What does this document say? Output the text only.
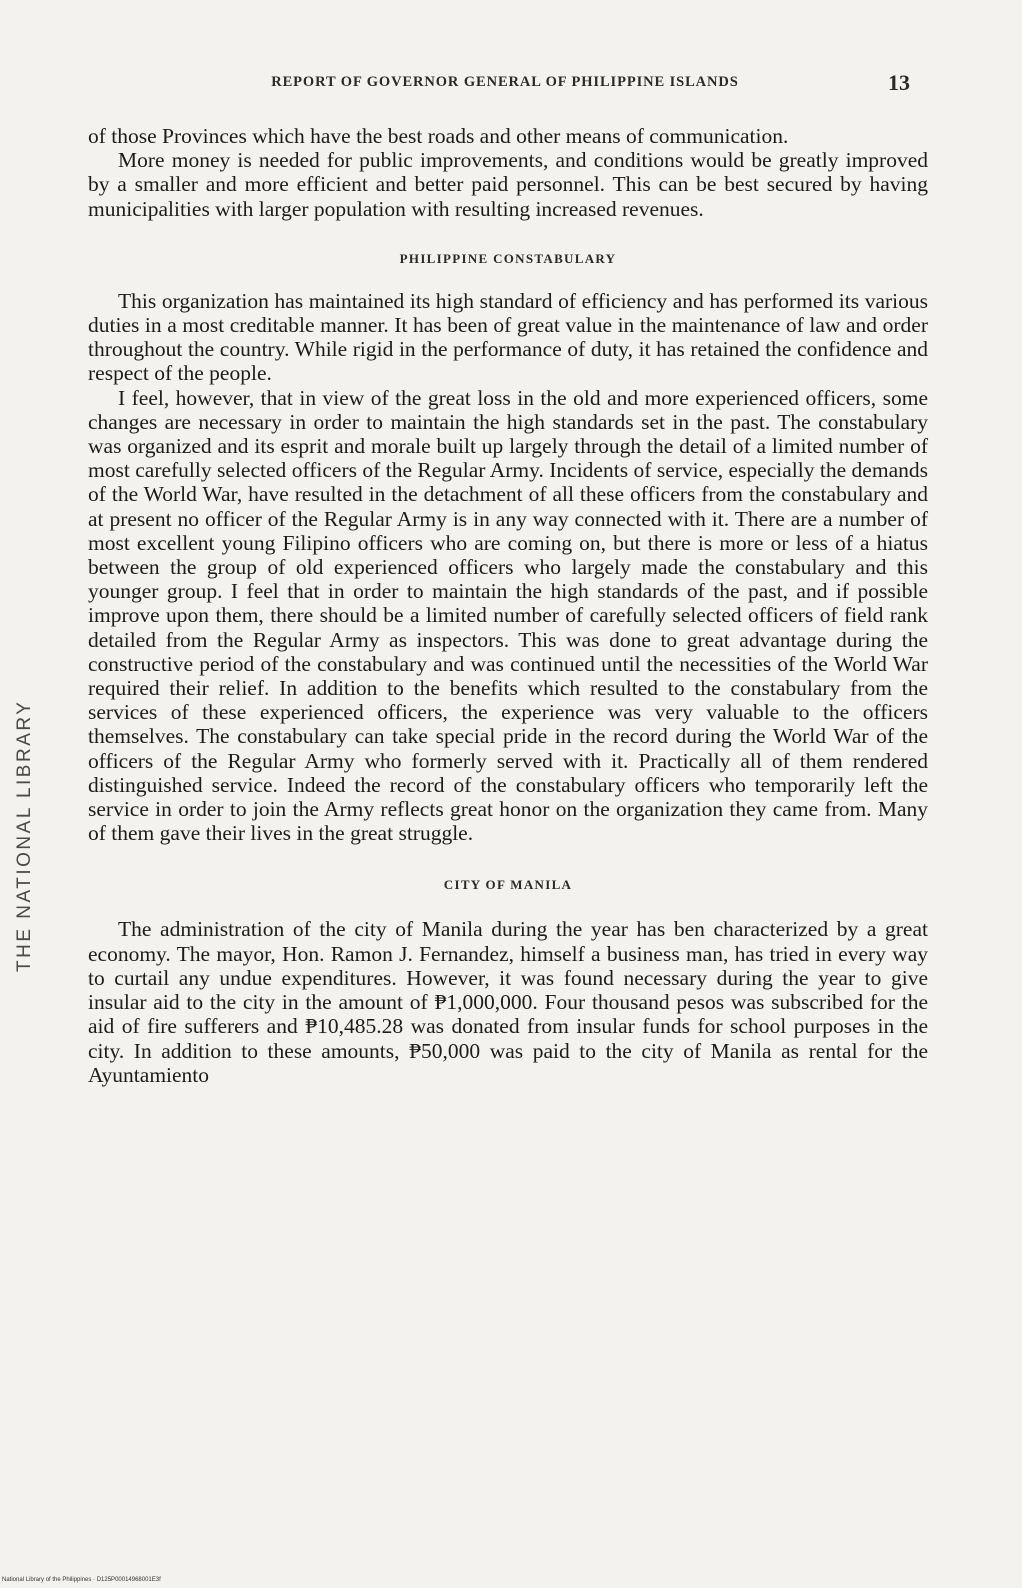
REPORT OF GOVERNOR GENERAL OF PHILIPPINE ISLANDS	13
THE NATIONAL LIBRARY

of those Provinces which have the best roads and other means of communication.

More money is needed for public improvements, and conditions would be greatly improved by a smaller and more efficient and better paid personnel. This can be best secured by having municipalities with larger population with resulting increased revenues.

PHILIPPINE CONSTABULARY

This organization has maintained its high standard of efficiency and has performed its various duties in a most creditable manner. It has been of great value in the maintenance of law and order throughout the country. While rigid in the performance of duty, it has retained the confidence and respect of the people.

I feel, however, that in view of the great loss in the old and more experienced officers, some changes are necessary in order to maintain the high standards set in the past. The constabulary was organized and its esprit and morale built up largely through the detail of a limited number of most carefully selected officers of the Regular Army. Incidents of service, especially the demands of the World War, have resulted in the detachment of all these officers from the constabulary and at present no officer of the Regular Army is in any way connected with it. There are a number of most excellent young Filipino officers who are coming on, but there is more or less of a hiatus between the group of old experienced officers who largely made the constabulary and this younger group. I feel that in order to maintain the high standards of the past, and if possible improve upon them, there should be a limited number of carefully selected officers of field rank detailed from the Regular Army as inspectors. This was done to great advantage during the constructive period of the constabulary and was continued until the necessities of the World War required their relief. In addition to the benefits which resulted to the constabulary from the services of these experienced officers, the experience was very valuable to the officers themselves. The constabulary can take special pride in the record during the World War of the officers of the Regular Army who formerly served with it. Practically all of them rendered distinguished service. Indeed the record of the constabulary officers who temporarily left the service in order to join the Army reflects great honor on the organization they came from. Many of them gave their lives in the great struggle.

CITY OF MANILA

The administration of the city of Manila during the year has ben characterized by a great economy. The mayor, Hon. Ramon J. Fernandez, himself a business man, has tried in every way to curtail any undue expenditures. However, it was found necessary during the year to give insular aid to the city in the amount of ₱1,000,000. Four thousand pesos was subscribed for the aid of fire sufferers and ₱10,485.28 was donated from insular funds for school purposes in the city. In addition to these amounts, ₱50,000 was paid to the city of Manila as rental for the Ayuntamiento

National Library of the Philippines · D125P00014968001E3f
